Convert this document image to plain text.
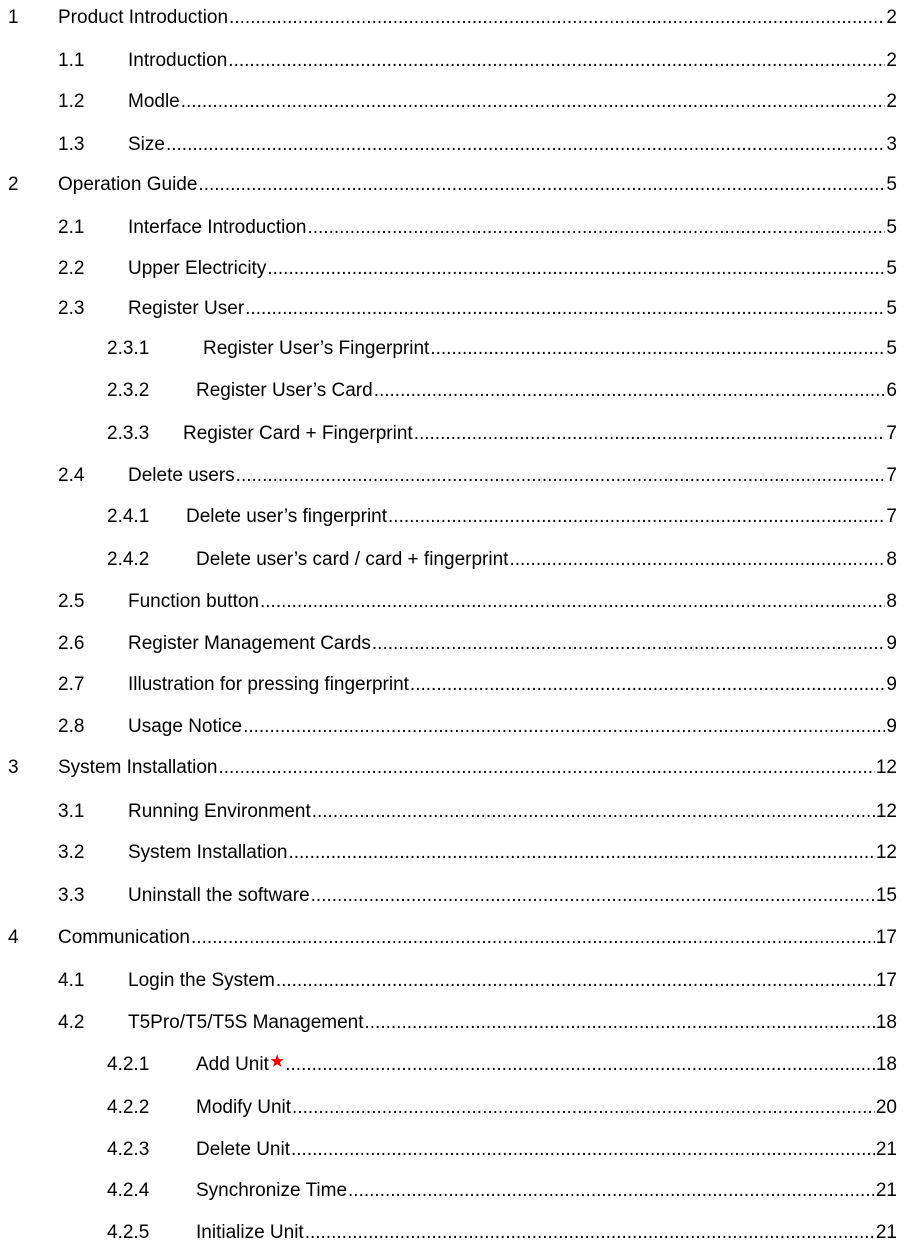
1	Product Introduction .....	2
1.1	Introduction .....	2
1.2	Modle .....	2
1.3	Size .....	3
2	Operation Guide .....	5
2.1	Interface Introduction .....	5
2.2	Upper Electricity .....	5
2.3	Register User .....	5
2.3.1	Register User’s Fingerprint .....	5
2.3.2	Register User’s Card .....	6
2.3.3	Register Card + Fingerprint .....	7
2.4	Delete users .....	7
2.4.1	Delete user’s fingerprint .....	7
2.4.2	Delete user’s card / card + fingerprint .....	8
2.5	Function button .....	8
2.6	Register Management Cards .....	9
2.7	Illustration for pressing fingerprint .....	9
2.8	Usage Notice .....	9
3	System Installation .....	12
3.1	Running Environment .....	12
3.2	System Installation .....	12
3.3	Uninstall the software .....	15
4	Communication .....	17
4.1	Login the System .....	17
4.2	T5Pro/T5/T5S Management .....	18
4.2.1	Add Unit .....	18
4.2.2	Modify Unit .....	20
4.2.3	Delete Unit .....	21
4.2.4	Synchronize Time .....	21
4.2.5	Initialize Unit .....	21
